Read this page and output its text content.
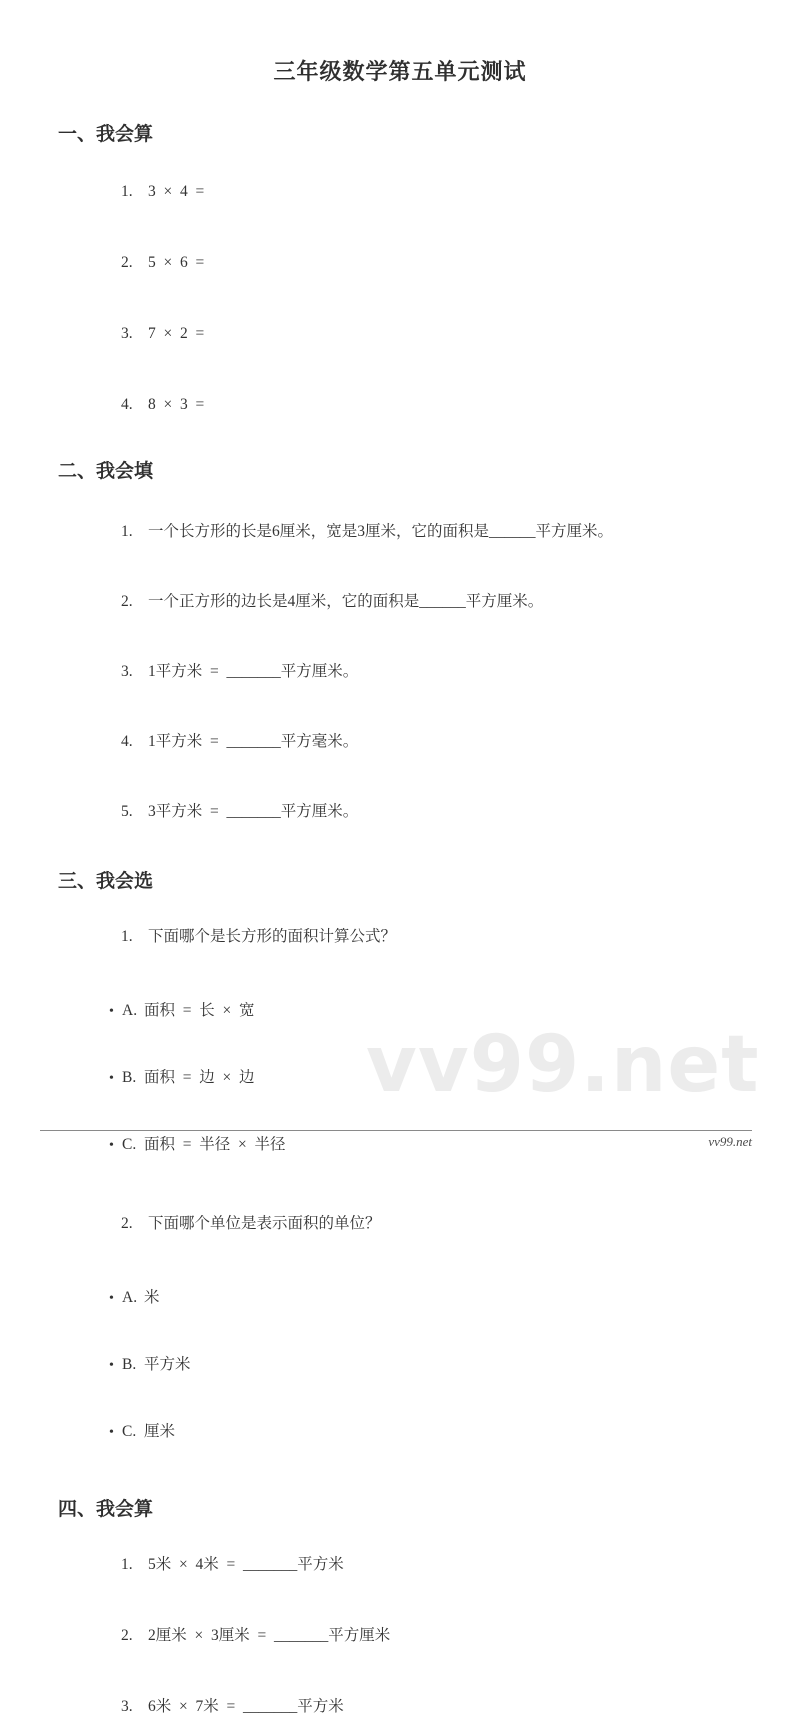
vv99.net
三年级数学第五单元测试
一、我会算

1. 3  ×  4  =

2. 5  ×  6  =

3. 7  ×  2  =

4. 8  ×  3  =

二、我会填

1. 一个长方形的长是6厘米，宽是3厘米，它的面积是______平方厘米。

2. 一个正方形的边长是4厘米，它的面积是______平方厘米。

3. 1平方米  =  _______平方厘米。

4. 1平方米  =  _______平方毫米。

5. 3平方米  =  _______平方厘米。

三、我会选

1. 下面哪个是长方形的面积计算公式？

• A. 面积  =  长  ×  宽

• B. 面积  =  边  ×  边

• C. 面积  =  半径  ×  半径

2. 下面哪个单位是表示面积的单位？

• A. 米

• B. 平方米

• C. 厘米

四、我会算

1. 5米  ×  4米  =  _______平方米

2. 2厘米  ×  3厘米  =  _______平方厘米

3. 6米  ×  7米  =  _______平方米

vv99.net
